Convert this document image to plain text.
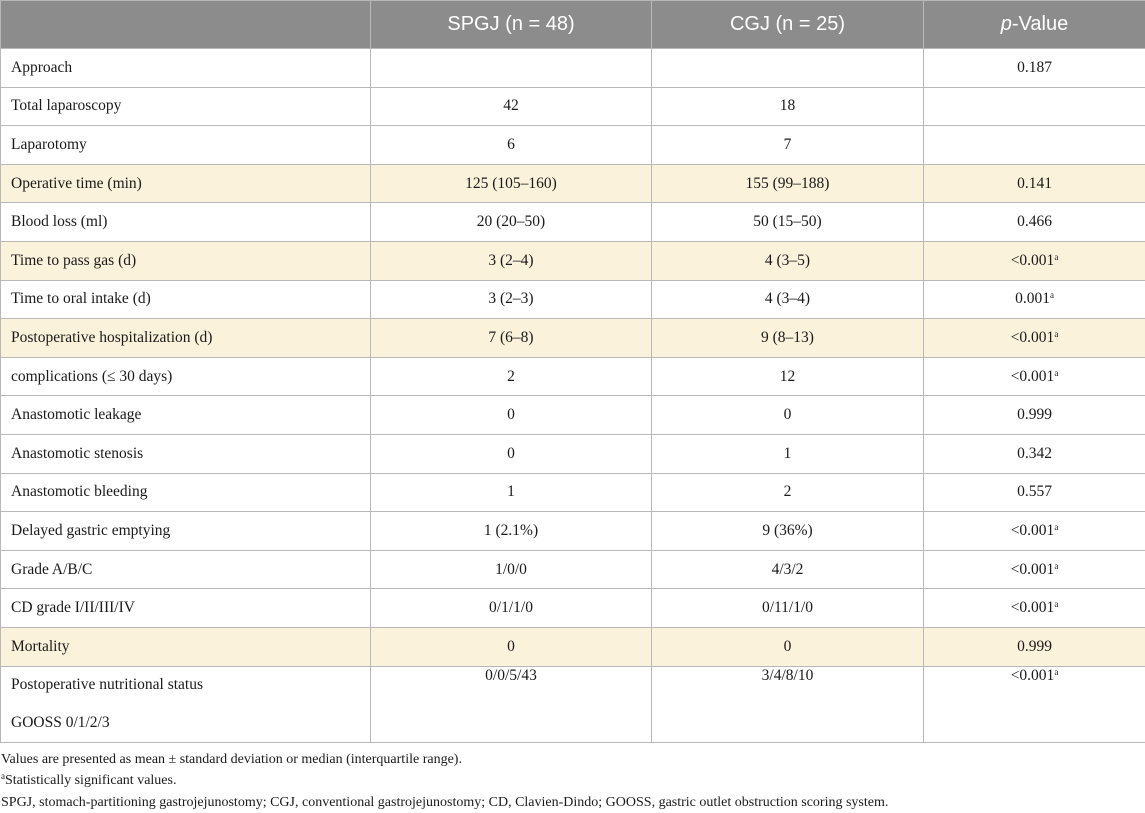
	SPGJ (n = 48)	CGJ (n = 25)	p-Value
Approach			0.187
Total laparoscopy	42	18	
Laparotomy	6	7	
Operative time (min)	125 (105–160)	155 (99–188)	0.141
Blood loss (ml)	20 (20–50)	50 (15–50)	0.466
Time to pass gas (d)	3 (2–4)	4 (3–5)	<0.001$^a$
Time to oral intake (d)	3 (2–3)	4 (3–4)	0.001$^a$
Postoperative hospitalization (d)	7 (6–8)	9 (8–13)	<0.001$^a$
complications (≤ 30 days)	2	12	<0.001$^a$
Anastomotic leakage	0	0	0.999
Anastomotic stenosis	0	1	0.342
Anastomotic bleeding	1	2	0.557
Delayed gastric emptying	1 (2.1%)	9 (36%)	<0.001$^a$
Grade A/B/C	1/0/0	4/3/2	<0.001$^a$
CD grade I/II/III/IV	0/1/1/0	0/11/1/0	<0.001$^a$
Mortality	0	0	0.999
Postoperative nutritional status	0/0/5/43	3/4/8/10	<0.001$^a$
GOOSS 0/1/2/3			
Values are presented as mean ± standard deviation or median (interquartile range).
$^a$Statistically significant values.
SPGJ, stomach-partitioning gastrojejunostomy; CGJ, conventional gastrojejunostomy; CD, Clavien-Dindo; GOOSS, gastric outlet obstruction scoring system.
